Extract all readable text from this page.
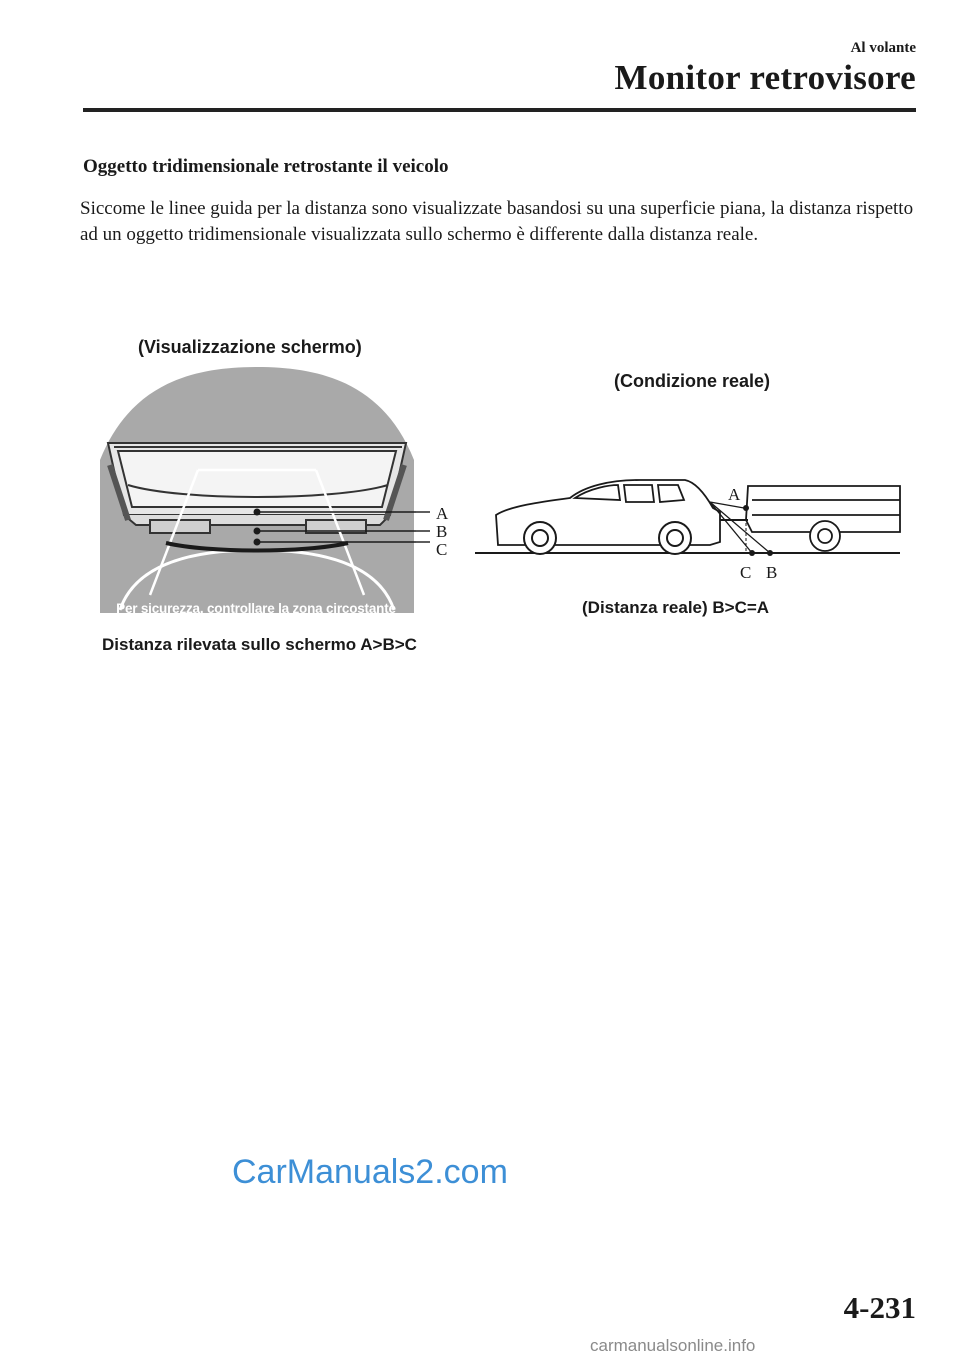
Al volante
Monitor retrovisore
Oggetto tridimensionale retrostante il veicolo
Siccome le linee guida per la distanza sono visualizzate basandosi su una superficie piana, la distanza rispetto ad un oggetto tridimensionale visualizzata sullo schermo è differente dalla distanza reale.
(Visualizzazione schermo)
(Condizione reale)
A
B
C
Per sicurezza, controllare la zona circostante
Distanza rilevata sullo schermo A>B>C
A
C B
(Distanza reale) B>C=A
CarManuals2.com
4-231
carmanualsonline.info
